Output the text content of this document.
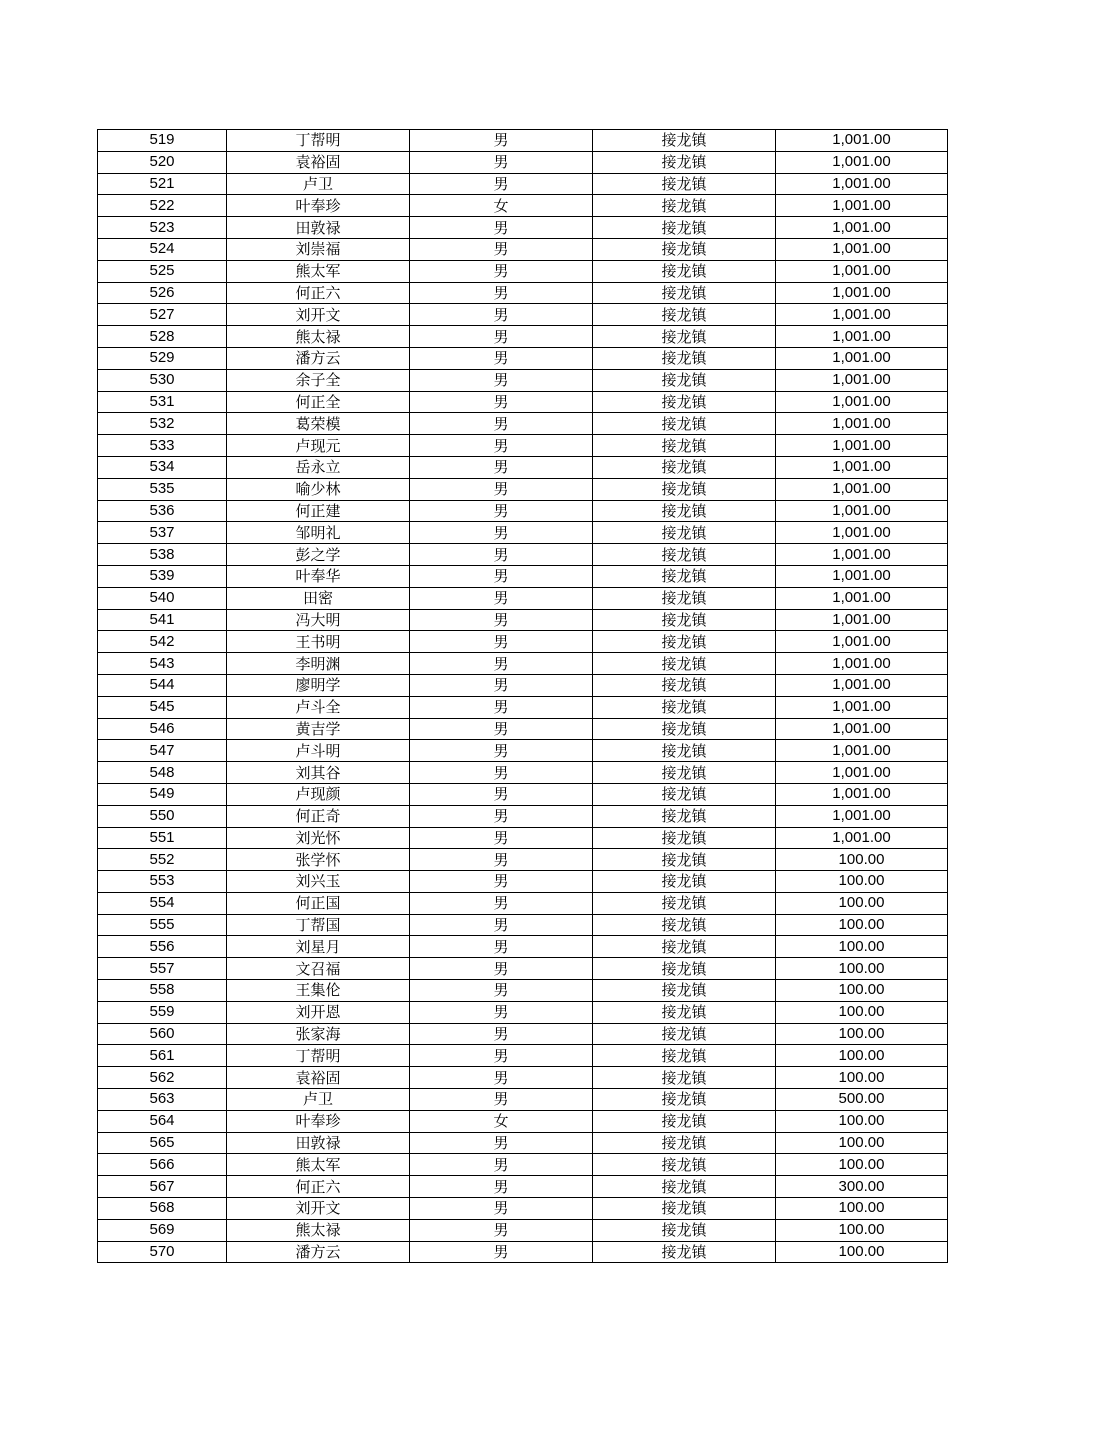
519	丁帮明	男	接龙镇	1,001.00
520	袁裕固	男	接龙镇	1,001.00
521	卢卫	男	接龙镇	1,001.00
522	叶奉珍	女	接龙镇	1,001.00
523	田敦禄	男	接龙镇	1,001.00
524	刘崇福	男	接龙镇	1,001.00
525	熊太军	男	接龙镇	1,001.00
526	何正六	男	接龙镇	1,001.00
527	刘开文	男	接龙镇	1,001.00
528	熊太禄	男	接龙镇	1,001.00
529	潘方云	男	接龙镇	1,001.00
530	余子全	男	接龙镇	1,001.00
531	何正全	男	接龙镇	1,001.00
532	葛荣模	男	接龙镇	1,001.00
533	卢现元	男	接龙镇	1,001.00
534	岳永立	男	接龙镇	1,001.00
535	喻少林	男	接龙镇	1,001.00
536	何正建	男	接龙镇	1,001.00
537	邹明礼	男	接龙镇	1,001.00
538	彭之学	男	接龙镇	1,001.00
539	叶奉华	男	接龙镇	1,001.00
540	田密	男	接龙镇	1,001.00
541	冯大明	男	接龙镇	1,001.00
542	王书明	男	接龙镇	1,001.00
543	李明渊	男	接龙镇	1,001.00
544	廖明学	男	接龙镇	1,001.00
545	卢斗全	男	接龙镇	1,001.00
546	黄吉学	男	接龙镇	1,001.00
547	卢斗明	男	接龙镇	1,001.00
548	刘其谷	男	接龙镇	1,001.00
549	卢现颜	男	接龙镇	1,001.00
550	何正奇	男	接龙镇	1,001.00
551	刘光怀	男	接龙镇	1,001.00
552	张学怀	男	接龙镇	100.00
553	刘兴玉	男	接龙镇	100.00
554	何正国	男	接龙镇	100.00
555	丁帮国	男	接龙镇	100.00
556	刘星月	男	接龙镇	100.00
557	文召福	男	接龙镇	100.00
558	王集伦	男	接龙镇	100.00
559	刘开恩	男	接龙镇	100.00
560	张家海	男	接龙镇	100.00
561	丁帮明	男	接龙镇	100.00
562	袁裕固	男	接龙镇	100.00
563	卢卫	男	接龙镇	500.00
564	叶奉珍	女	接龙镇	100.00
565	田敦禄	男	接龙镇	100.00
566	熊太军	男	接龙镇	100.00
567	何正六	男	接龙镇	300.00
568	刘开文	男	接龙镇	100.00
569	熊太禄	男	接龙镇	100.00
570	潘方云	男	接龙镇	100.00
